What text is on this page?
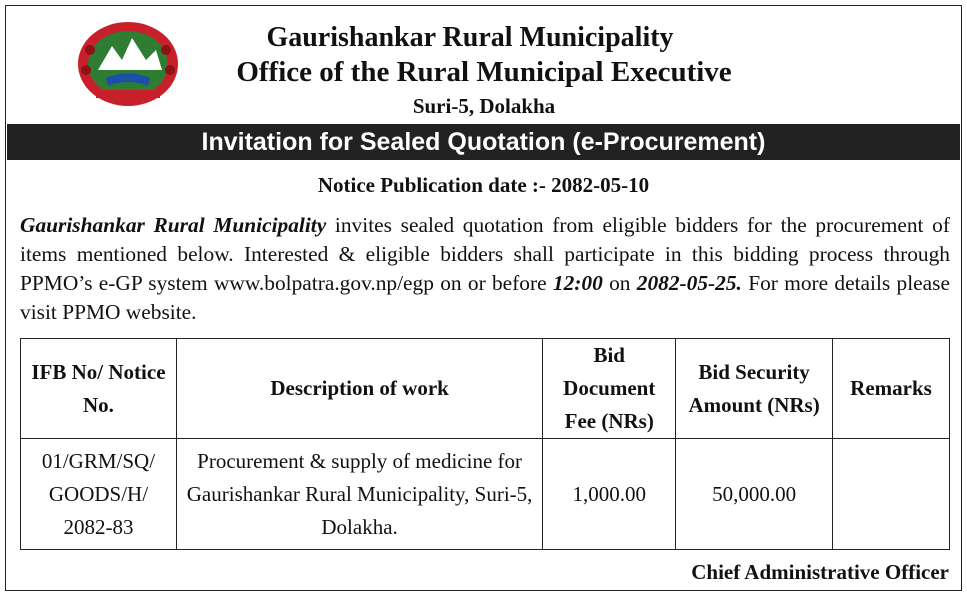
Gaurishankar Rural Municipality
Office of the Rural Municipal Executive
Suri-5, Dolakha
Invitation for Sealed Quotation (e-Procurement)
Notice Publication date :- 2082-05-10
Gaurishankar Rural Municipality invites sealed quotation from eligible bidders for the procurement of items mentioned below. Interested & eligible bidders shall participate in this bidding process through PPMO’s e-GP system www.bolpatra.gov.np/egp on or before 12:00 on 2082-05-25. For more details please visit PPMO website.

IFB No/ Notice No.	Description of work	Bid Document Fee (NRs)	Bid Security Amount (NRs)	Remarks
01/GRM/SQ/ GOODS/H/ 2082-83	Procurement & supply of medicine for Gaurishankar Rural Municipality, Suri-5, Dolakha.	1,000.00	50,000.00	
Chief Administrative Officer
